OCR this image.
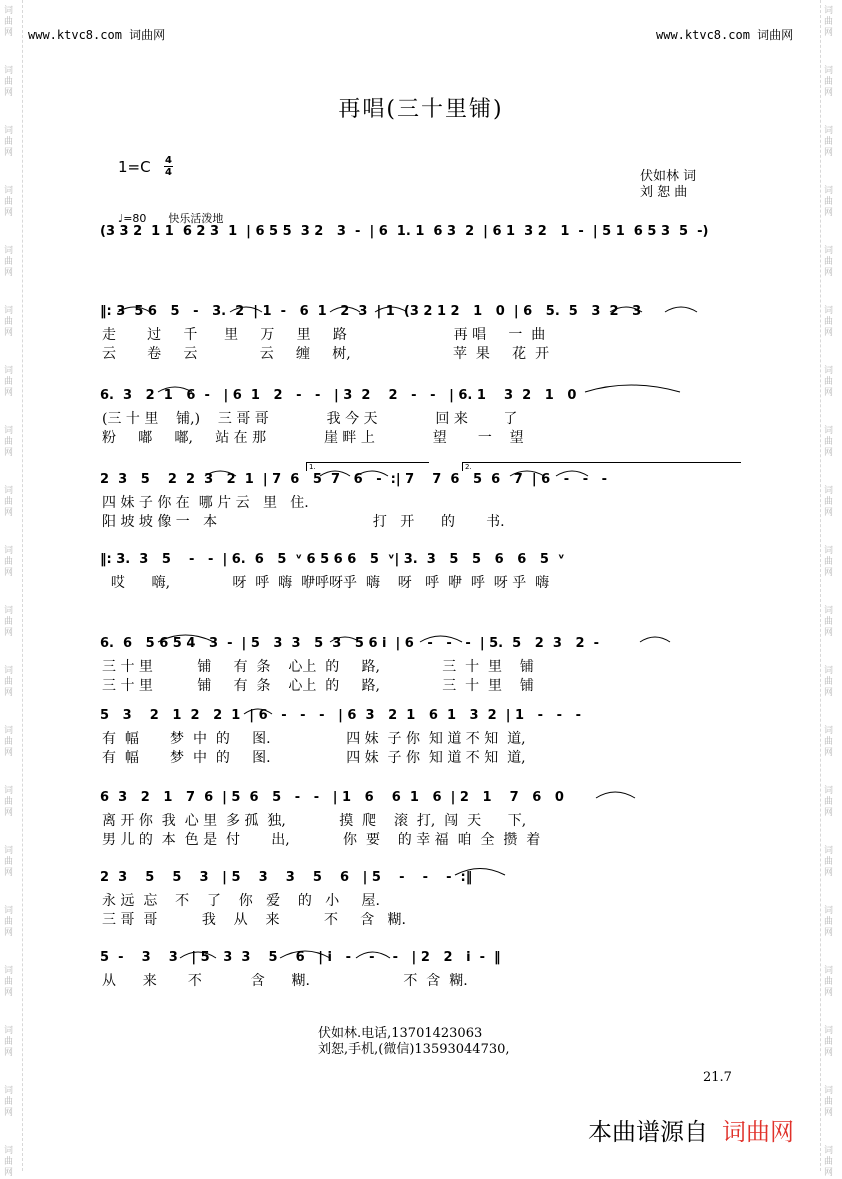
词
曲
网
词
曲
网
词
曲
网
词
曲
网
词
曲
网
词
曲
网
词
曲
网
词
曲
网
词
曲
网
词
曲
网
词
曲
网
词
曲
网
词
曲
网
词
曲
网
词
曲
网
词
曲
网
词
曲
网
词
曲
网
词
曲
网
词
曲
网
词
曲
网
词
曲
网
词
曲
网
词
曲
网
词
曲
网
词
曲
网
词
曲
网
词
曲
网
词
曲
网
词
曲
网
词
曲
网
词
曲
网
词
曲
网
词
曲
网
词
曲
网
词
曲
网
词
曲
网
词
曲
网
词
曲
网
词
曲
网
www.ktvc8.com 词曲网	www.ktvc8.com 词曲网
再唱(三十里铺)
1=C 4
4	伏如林 词
刘 恕 曲
♩=80 快乐活泼地
(3 3 2  1 1  6 2 3  1  | 6 5 5  3 2   3  -  | 6  1. 1  6 3  2  | 6 1  3 2   1  -  | 5 1  6 5 3  5  -)
‖: 3  5 6   5   -   3.  2  | 1  -   6  1   2  3  | 1  (3 2 1 2   1   0  | 6   5.  5   3  2   3
走       过     千      里     万     里     路                        再 唱     一  曲
云       卷     云              云     缠     树,                       苹  果     花  开
6.  3   2  1   6  -   | 6  1   2   -   -   | 3  2    2   -   -   | 6. 1    3  2   1   0
(三 十 里    铺,)    三 哥 哥             我 今 天             回 来        了
粉     嘟     嘟,     站 在 那             崖 畔 上             望       一    望
2  3   5    2  2  3   2  1  | 7  6   5  7   6   -  :| 7    7  6   5  6   7  | 6   -   -   -
四 妹 子 你 在  哪 片 云   里   住.
阳 坡 坡 像 一   本                                   打   开      的       书.
‖: 3.  3   5    -   -  | 6.  6   5  ᵛ 6 5 6 6   5  ᵛ| 3.  3   5   5   6   6   5  ᵛ
哎      嗨,              呀  呼  嗨  咿呼呀乎  嗨    呀   呼  咿  呼  呀 乎  嗨
6.  6   5 6 5 4   3  -  | 5   3  3   5  3   5 6 i  | 6   -   -   -  | 5.  5   2  3   2  -
三 十 里          铺     有  条    心上  的     路,              三  十  里    铺
三 十 里          铺     有  条    心上  的     路,              三  十  里    铺
5   3    2   1  2   2  1  | 6   -   -   -   | 6  3   2  1   6  1   3  2  | 1   -   -   -
有  幅       梦  中  的     图.                 四 妹  子 你  知 道 不 知  道,
有  幅       梦  中  的     图.                 四 妹  子 你  知 道 不 知  道,
6  3   2   1   7  6  | 5  6   5   -   -   | 1   6    6  1   6  | 2   1    7   6   0
离 开 你  我  心 里  多 孤  独,            摸  爬    滚  打,  闯  天      下,
男 儿 的  本  色 是  付       出,            你  要    的 幸 福  咱  全  攒  着
2  3    5    5    3   | 5    3    3    5    6   | 5    -    -    -  :‖
永 远  忘    不    了    你   爱    的   小     屋.
三 哥  哥          我    从    来          不     含   糊.
5  -    3    3   | 5   3  3    5    6   | i   -    -    -   | 2   2   i  -  ‖
从      来       不           含      糊.                     不  含  糊.
1.	2.
伏如林.电话,13701423063
刘恕,手机,(微信)13593044730,
21.7
本曲谱源自 词曲网
